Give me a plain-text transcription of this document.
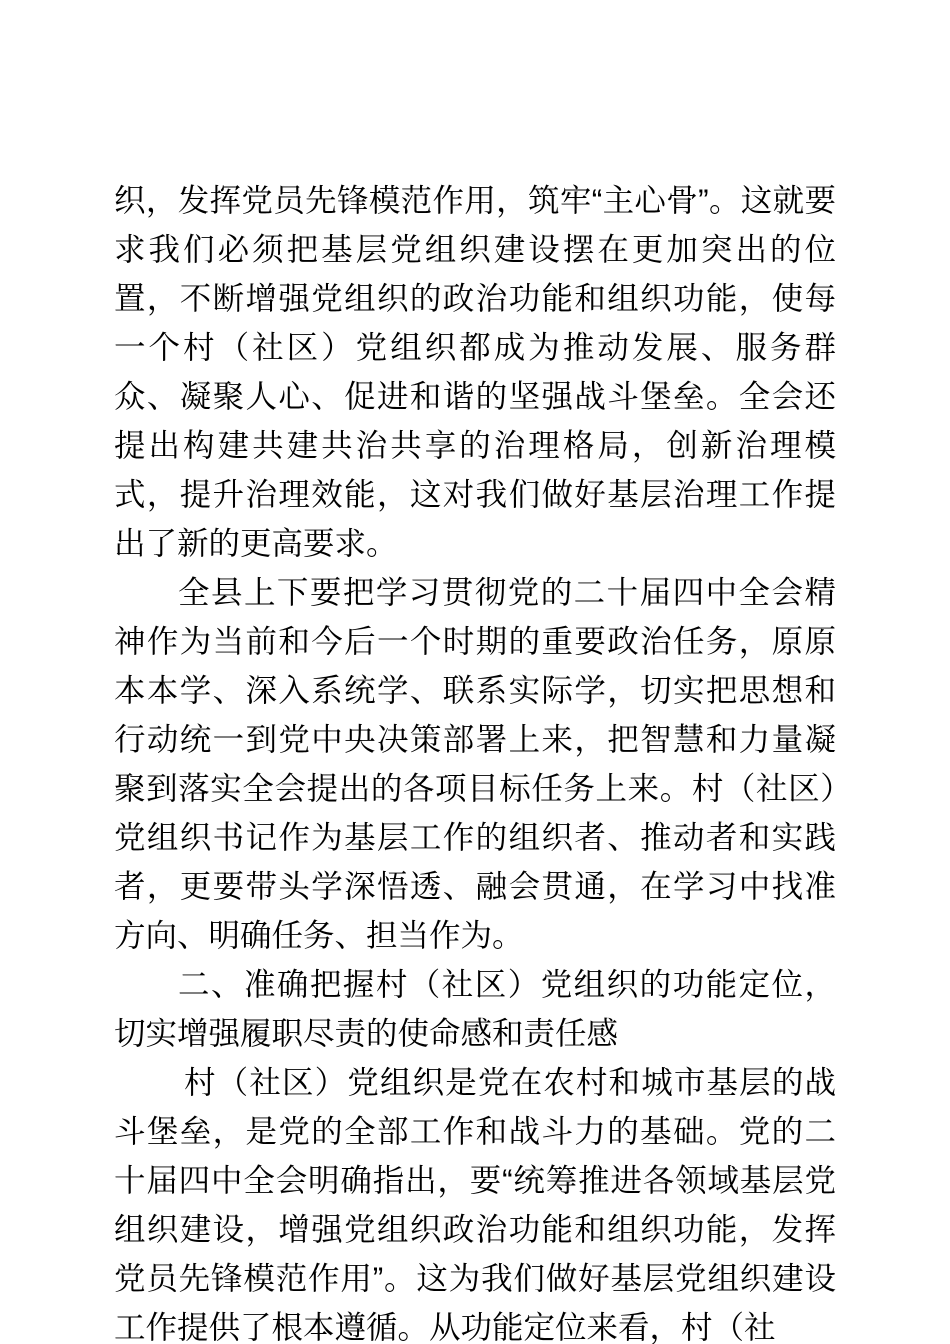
织，发挥党员先锋模范作用，筑牢“主心骨”。这就要求我们必须把基层党组织建设摆在更加突出的位置，不断增强党组织的政治功能和组织功能，使每一个村（社区）党组织都成为推动发展、服务群众、凝聚人心、促进和谐的坚强战斗堡垒。全会还提出构建共建共治共享的治理格局，创新治理模式，提升治理效能，这对我们做好基层治理工作提出了新的更高要求。

全县上下要把学习贯彻党的二十届四中全会精神作为当前和今后一个时期的重要政治任务，原原本本学、深入系统学、联系实际学，切实把思想和行动统一到党中央决策部署上来，把智慧和力量凝聚到落实全会提出的各项目标任务上来。村（社区）党组织书记作为基层工作的组织者、推动者和实践者，更要带头学深悟透、融会贯通，在学习中找准方向、明确任务、担当作为。

二、准确把握村（社区）党组织的功能定位，切实增强履职尽责的使命感和责任感

村（社区）党组织是党在农村和城市基层的战斗堡垒，是党的全部工作和战斗力的基础。党的二十届四中全会明确指出，要“统筹推进各领域基层党组织建设，增强党组织政治功能和组织功能，发挥党员先锋模范作用”。这为我们做好基层党组织建设工作提供了根本遵循。从功能定位来看，村（社
